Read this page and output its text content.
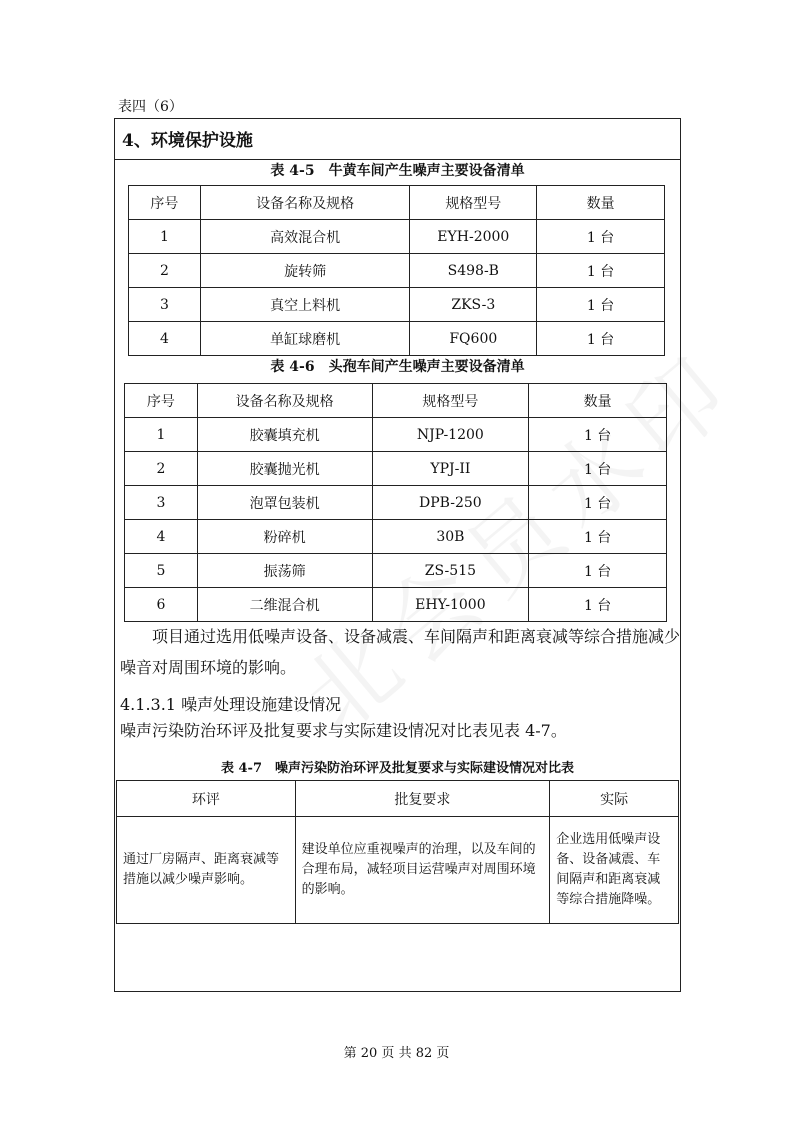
表四（6）
4、环境保护设施
表 4-5　牛黄车间产生噪声主要设备清单
序号	设备名称及规格	规格型号	数量
1	高效混合机	EYH-2000	1 台
2	旋转筛	S498-B	1 台
3	真空上料机	ZKS-3	1 台
4	单缸球磨机	FQ600	1 台
表 4-6　头孢车间产生噪声主要设备清单
序号	设备名称及规格	规格型号	数量
1	胶囊填充机	NJP-1200	1 台
2	胶囊抛光机	YPJ-II	1 台
3	泡罩包装机	DPB-250	1 台
4	粉碎机	30B	1 台
5	振荡筛	ZS-515	1 台
6	二维混合机	EHY-1000	1 台
项目通过选用低噪声设备、设备减震、车间隔声和距离衰减等综合措施减少
噪音对周围环境的影响。
4.1.3.1 噪声处理设施建设情况
噪声污染防治环评及批复要求与实际建设情况对比表见表 4-7。
表 4-7　噪声污染防治环评及批复要求与实际建设情况对比表
环评	批复要求	实际
通过厂房隔声、距离衰减等措施以减少噪声影响。	建设单位应重视噪声的治理，以及车间的合理布局，减轻项目运营噪声对周围环境的影响。	企业选用低噪声设备、设备减震、车间隔声和距离衰减等综合措施降噪。
第 20 页 共 82 页
